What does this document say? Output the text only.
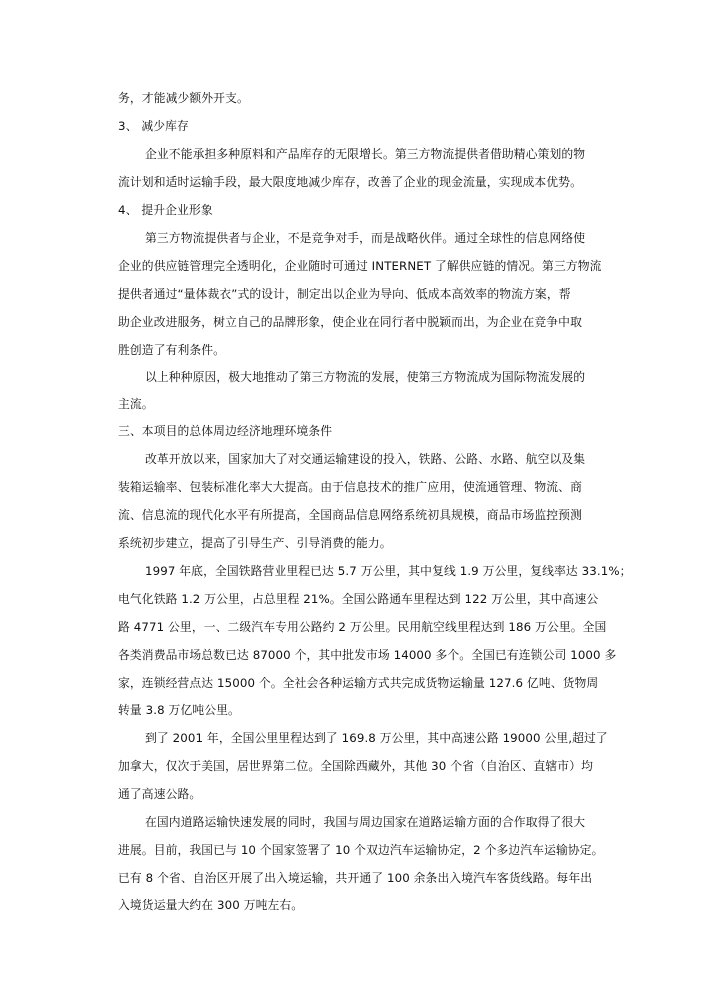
务，才能减少额外开支。
3、 减少库存
企业不能承担多种原料和产品库存的无限增长。第三方物流提供者借助精心策划的物
流计划和适时运输手段，最大限度地减少库存，改善了企业的现金流量，实现成本优势。
4、 提升企业形象
第三方物流提供者与企业，不是竞争对手，而是战略伙伴。通过全球性的信息网络使
企业的供应链管理完全透明化，企业随时可通过 INTERNET 了解供应链的情况。第三方物流
提供者通过“量体裁衣”式的设计，制定出以企业为导向、低成本高效率的物流方案，帮
助企业改进服务，树立自己的品牌形象，使企业在同行者中脱颖而出，为企业在竞争中取
胜创造了有利条件。
以上种种原因，极大地推动了第三方物流的发展，使第三方物流成为国际物流发展的
主流。
三、本项目的总体周边经济地理环境条件
改革开放以来，国家加大了对交通运输建设的投入，铁路、公路、水路、航空以及集
装箱运输率、包装标准化率大大提高。由于信息技术的推广应用，使流通管理、物流、商
流、信息流的现代化水平有所提高，全国商品信息网络系统初具规模，商品市场监控预测
系统初步建立，提高了引导生产、引导消费的能力。
1997 年底，全国铁路营业里程已达 5.7 万公里，其中复线 1.9 万公里，复线率达 33.1%；
电气化铁路 1.2 万公里，占总里程 21%。全国公路通车里程达到 122 万公里，其中高速公
路 4771 公里，一、二级汽车专用公路约 2 万公里。民用航空线里程达到 186 万公里。全国
各类消费品市场总数已达 87000 个，其中批发市场 14000 多个。全国已有连锁公司 1000 多
家，连锁经营点达 15000 个。全社会各种运输方式共完成货物运输量 127.6 亿吨、货物周
转量 3.8 万亿吨公里。
到了 2001 年，全国公里里程达到了 169.8 万公里，其中高速公路 19000 公里,超过了
加拿大，仅次于美国，居世界第二位。全国除西藏外，其他 30 个省（自治区、直辖市）均
通了高速公路。
在国内道路运输快速发展的同时，我国与周边国家在道路运输方面的合作取得了很大
进展。目前，我国已与 10 个国家签署了 10 个双边汽车运输协定，2 个多边汽车运输协定。
已有 8 个省、自治区开展了出入境运输，共开通了 100 余条出入境汽车客货线路。每年出
入境货运量大约在 300 万吨左右。
